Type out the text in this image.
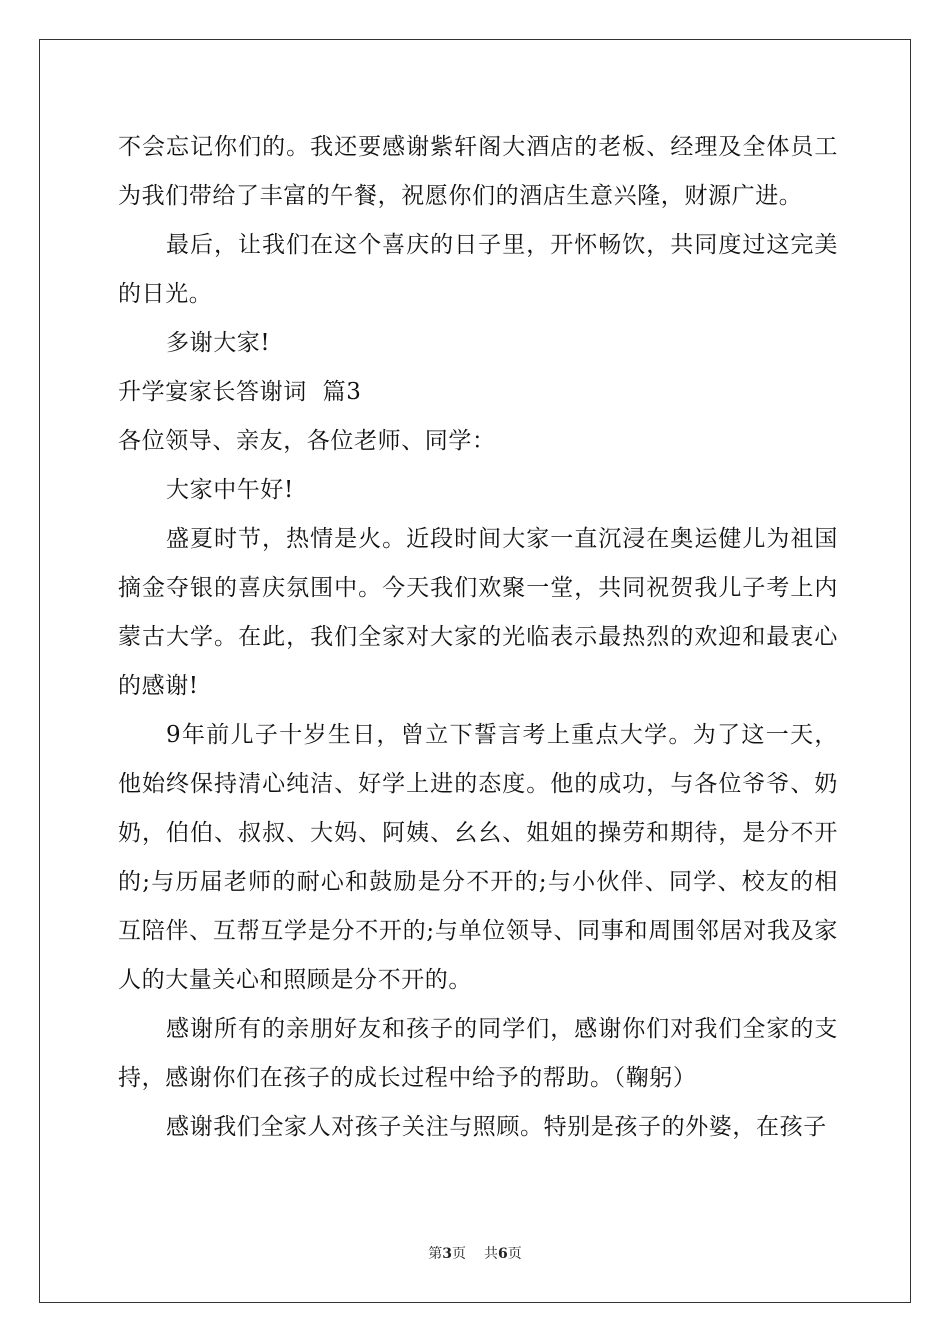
不会忘记你们的。我还要感谢紫轩阁大酒店的老板、经理及全体员工为我们带给了丰富的午餐，祝愿你们的酒店生意兴隆，财源广进。

最后，让我们在这个喜庆的日子里，开怀畅饮，共同度过这完美的日光。

多谢大家!

升学宴家长答谢词  篇3

各位领导、亲友，各位老师、同学：

大家中午好!

盛夏时节，热情是火。近段时间大家一直沉浸在奥运健儿为祖国摘金夺银的喜庆氛围中。今天我们欢聚一堂，共同祝贺我儿子考上内蒙古大学。在此，我们全家对大家的光临表示最热烈的欢迎和最衷心的感谢!

9年前儿子十岁生日，曾立下誓言考上重点大学。为了这一天，他始终保持清心纯洁、好学上进的态度。他的成功，与各位爷爷、奶奶，伯伯、叔叔、大妈、阿姨、幺幺、姐姐的操劳和期待，是分不开的;与历届老师的耐心和鼓励是分不开的;与小伙伴、同学、校友的相互陪伴、互帮互学是分不开的;与单位领导、同事和周围邻居对我及家人的大量关心和照顾是分不开的。

感谢所有的亲朋好友和孩子的同学们，感谢你们对我们全家的支持，感谢你们在孩子的成长过程中给予的帮助。（鞠躬）

感谢我们全家人对孩子关注与照顾。特别是孩子的外婆，在孩子

第3页 共6页
